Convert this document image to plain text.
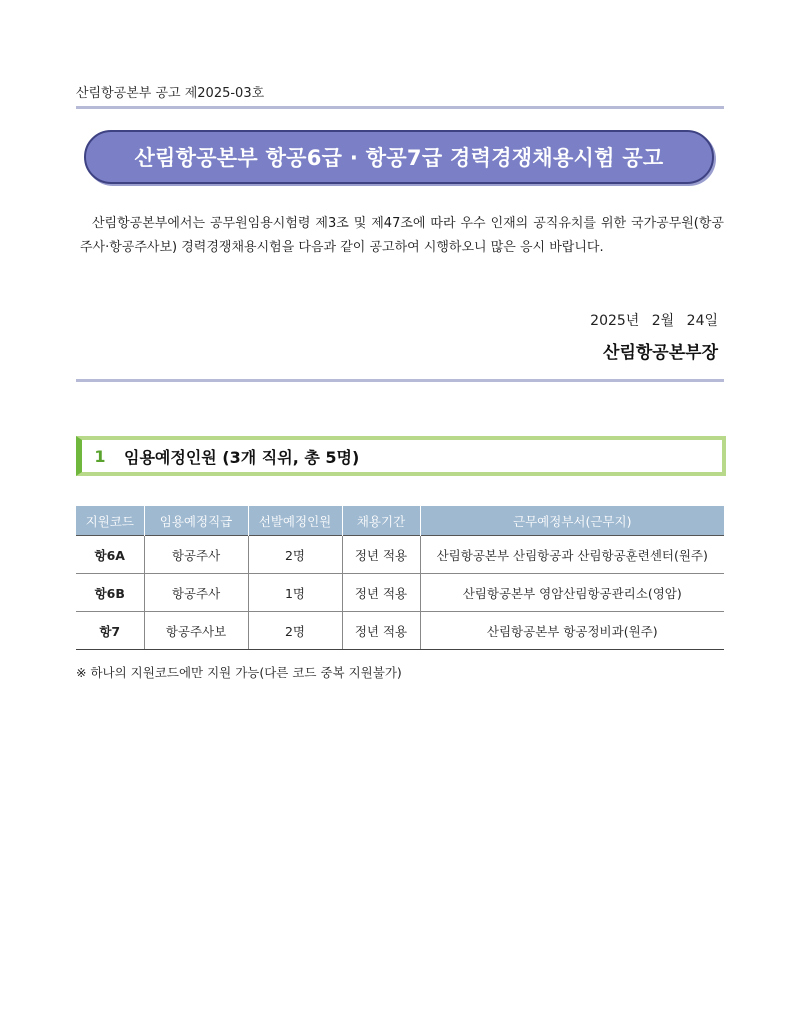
산림항공본부 공고 제2025-03호
산림항공본부 항공6급 · 항공7급 경력경쟁채용시험 공고
산림항공본부에서는 공무원임용시험령 제3조 및 제47조에 따라 우수 인재의 공직유치를 위한 국가공무원(항공주사·항공주사보) 경력경쟁채용시험을 다음과 같이 공고하여 시행하오니 많은 응시 바랍니다.
2025년 2월 24일
산림항공본부장
1	임용예정인원 (3개 직위, 총 5명)
지원코드	임용예정직급	선발예정인원	채용기간	근무예정부서(근무지)
항6A	항공주사	2명	정년 적용	산림항공본부 산림항공과 산림항공훈련센터(원주)
항6B	항공주사	1명	정년 적용	산림항공본부 영암산림항공관리소(영암)
항7	항공주사보	2명	정년 적용	산림항공본부 항공정비과(원주)
※ 하나의 지원코드에만 지원 가능(다른 코드 중복 지원불가)
